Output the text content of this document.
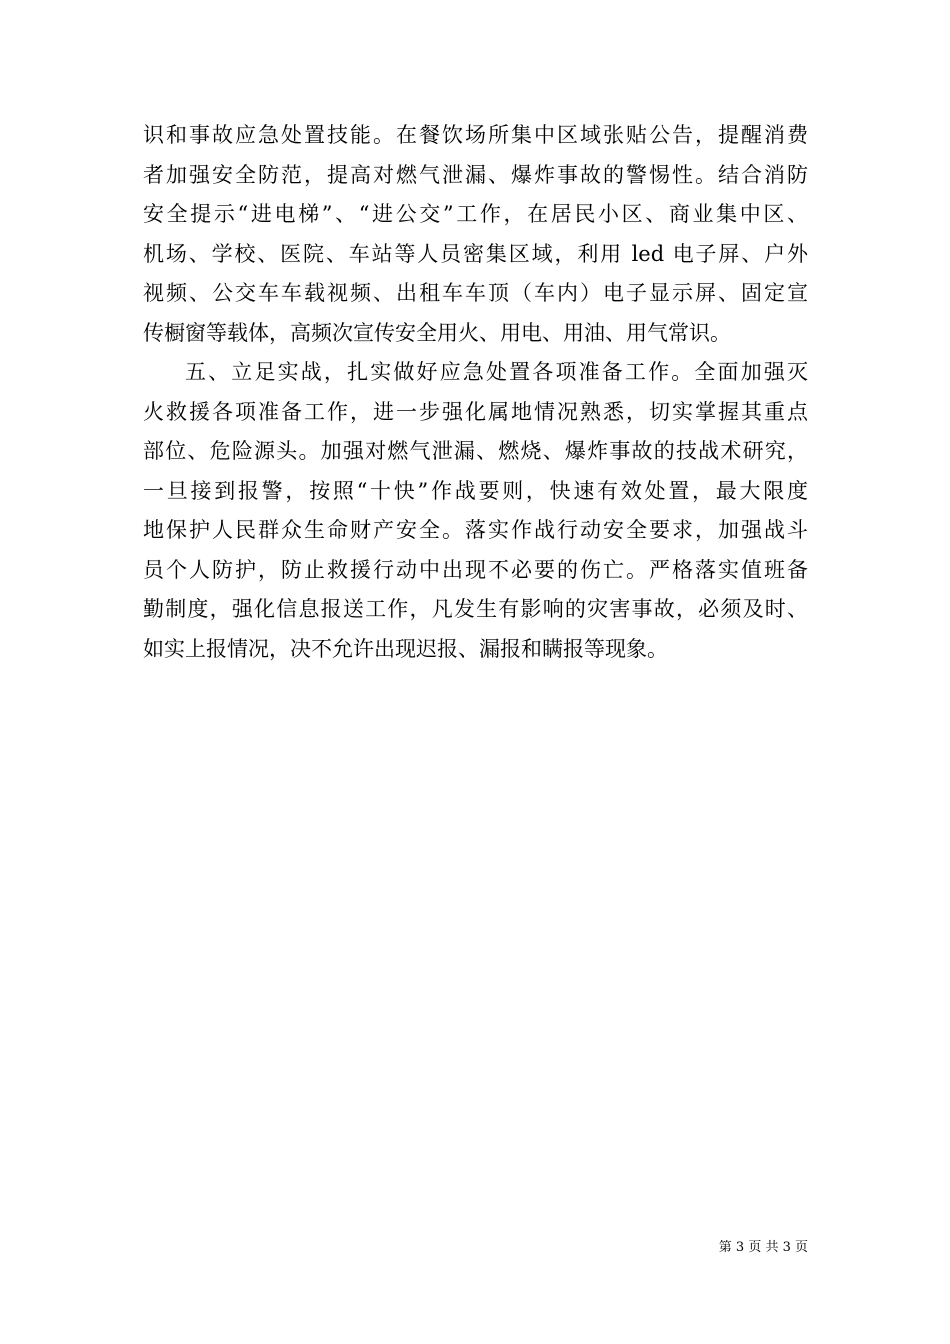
识和事故应急处置技能。在餐饮场所集中区域张贴公告，提醒消费
者加强安全防范，提高对燃气泄漏、爆炸事故的警惕性。结合消防
安全提示“进电梯”、“进公交”工作，在居民小区、商业集中区、
机场、学校、医院、车站等人员密集区域，利用 led 电子屏、户外
视频、公交车车载视频、出租车车顶（车内）电子显示屏、固定宣
传橱窗等载体，高频次宣传安全用火、用电、用油、用气常识。
五、立足实战，扎实做好应急处置各项准备工作。全面加强灭
火救援各项准备工作，进一步强化属地情况熟悉，切实掌握其重点
部位、危险源头。加强对燃气泄漏、燃烧、爆炸事故的技战术研究，
一旦接到报警，按照“十快”作战要则，快速有效处置，最大限度
地保护人民群众生命财产安全。落实作战行动安全要求，加强战斗
员个人防护，防止救援行动中出现不必要的伤亡。严格落实值班备
勤制度，强化信息报送工作，凡发生有影响的灾害事故，必须及时、
如实上报情况，决不允许出现迟报、漏报和瞒报等现象。
第 3 页 共 3 页
